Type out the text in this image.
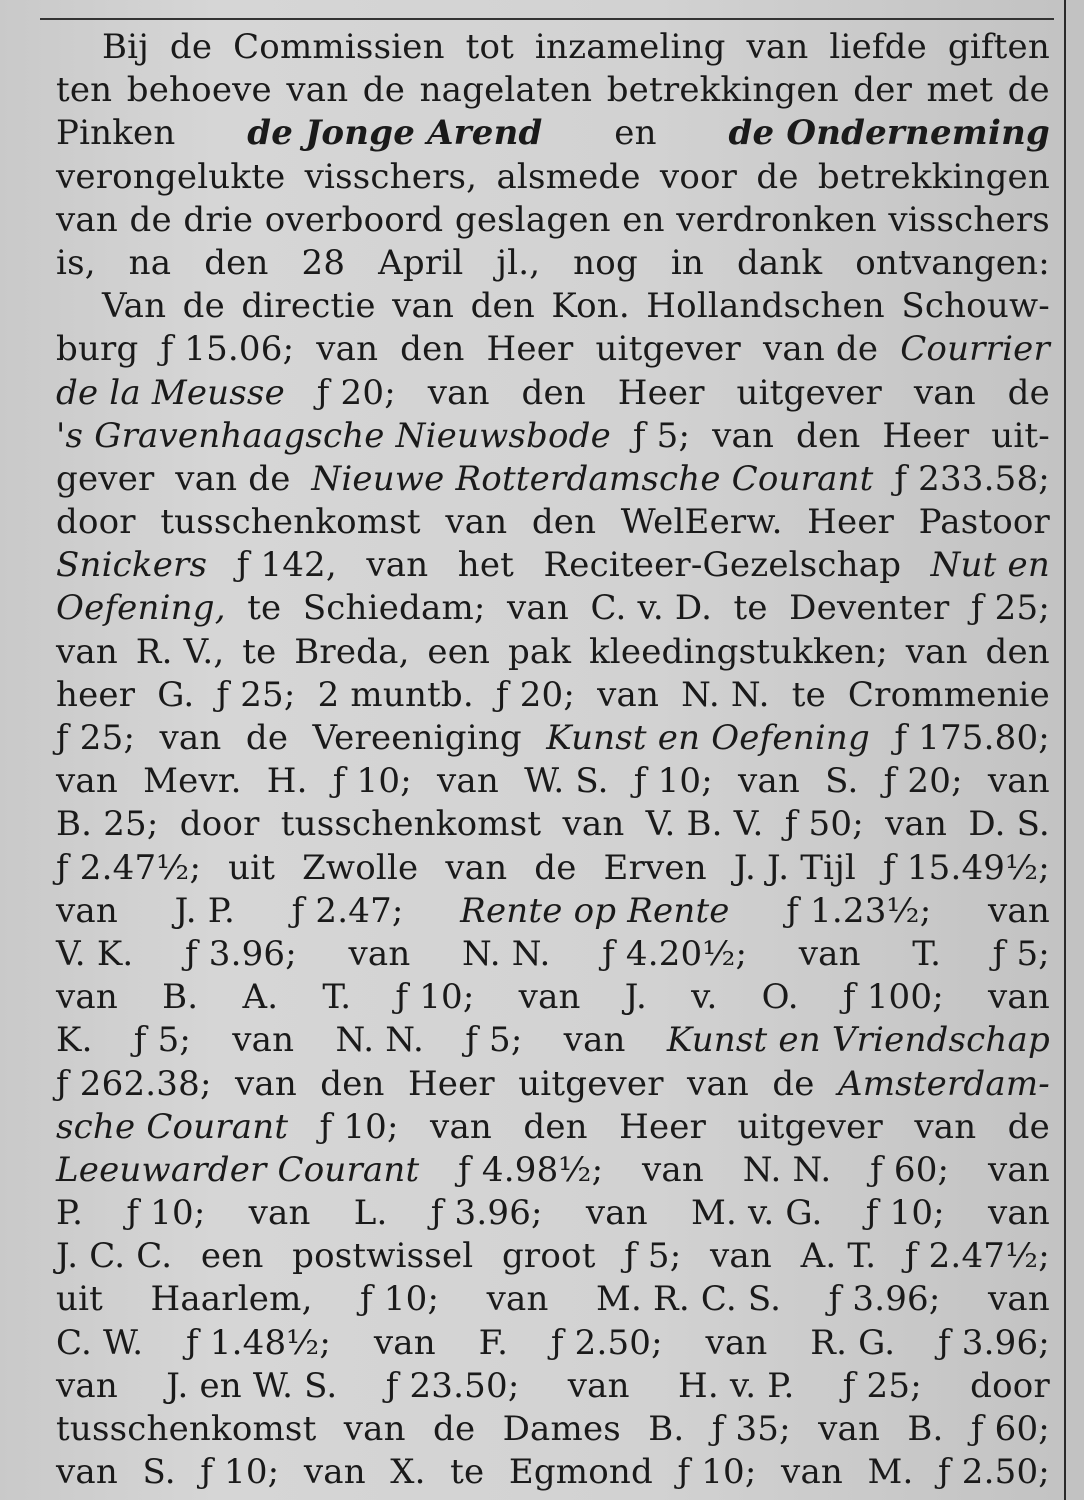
Bij de Commissien tot inzameling van liefde giften
ten behoeve van de nagelaten betrekkingen der met de
Pinken de Jonge Arend en de Onderneming
verongelukte visschers, alsmede voor de betrekkingen
van de drie overboord geslagen en verdronken visschers
is, na den 28 April jl., nog in dank ontvangen:
Van de directie van den Kon. Hollandschen Schouw-
burg ƒ 15.06; van den Heer uitgever van de Courrier
de la Meusse ƒ 20; van den Heer uitgever van de
's Gravenhaagsche Nieuwsbode ƒ 5; van den Heer uit-
gever van de Nieuwe Rotterdamsche Courant ƒ 233.58;
door tusschenkomst van den WelEerw. Heer Pastoor
Snickers ƒ 142, van het Reciteer-Gezelschap Nut en
Oefening, te Schiedam; van C. v. D. te Deventer ƒ 25;
van R. V., te Breda, een pak kleedingstukken; van den
heer G. ƒ 25; 2 muntb. ƒ 20; van N. N. te Crommenie
ƒ 25; van de Vereeniging Kunst en Oefening ƒ 175.80;
van Mevr. H. ƒ 10; van W. S. ƒ 10; van S. ƒ 20; van
B. 25; door tusschenkomst van V. B. V. ƒ 50; van D. S.
ƒ 2.47½; uit Zwolle van de Erven J. J. Tijl ƒ 15.49½;
van J. P. ƒ 2.47; Rente op Rente ƒ 1.23½; van
V. K. ƒ 3.96; van N. N. ƒ 4.20½; van T. ƒ 5;
van B. A. T. ƒ 10; van J. v. O. ƒ 100; van
K. ƒ 5; van N. N. ƒ 5; van Kunst en Vriendschap
ƒ 262.38; van den Heer uitgever van de Amsterdam-
sche Courant ƒ 10; van den Heer uitgever van de
Leeuwarder Courant ƒ 4.98½; van N. N. ƒ 60; van
P. ƒ 10; van L. ƒ 3.96; van M. v. G. ƒ 10; van
J. C. C. een postwissel groot ƒ 5; van A. T. ƒ 2.47½;
uit Haarlem, ƒ 10; van M. R. C. S. ƒ 3.96; van
C. W. ƒ 1.48½; van F. ƒ 2.50; van R. G. ƒ 3.96;
van J. en W. S. ƒ 23.50; van H. v. P. ƒ 25; door
tusschenkomst van de Dames B. ƒ 35; van B. ƒ 60;
van S. ƒ 10; van X. te Egmond ƒ 10; van M. ƒ 2.50;
